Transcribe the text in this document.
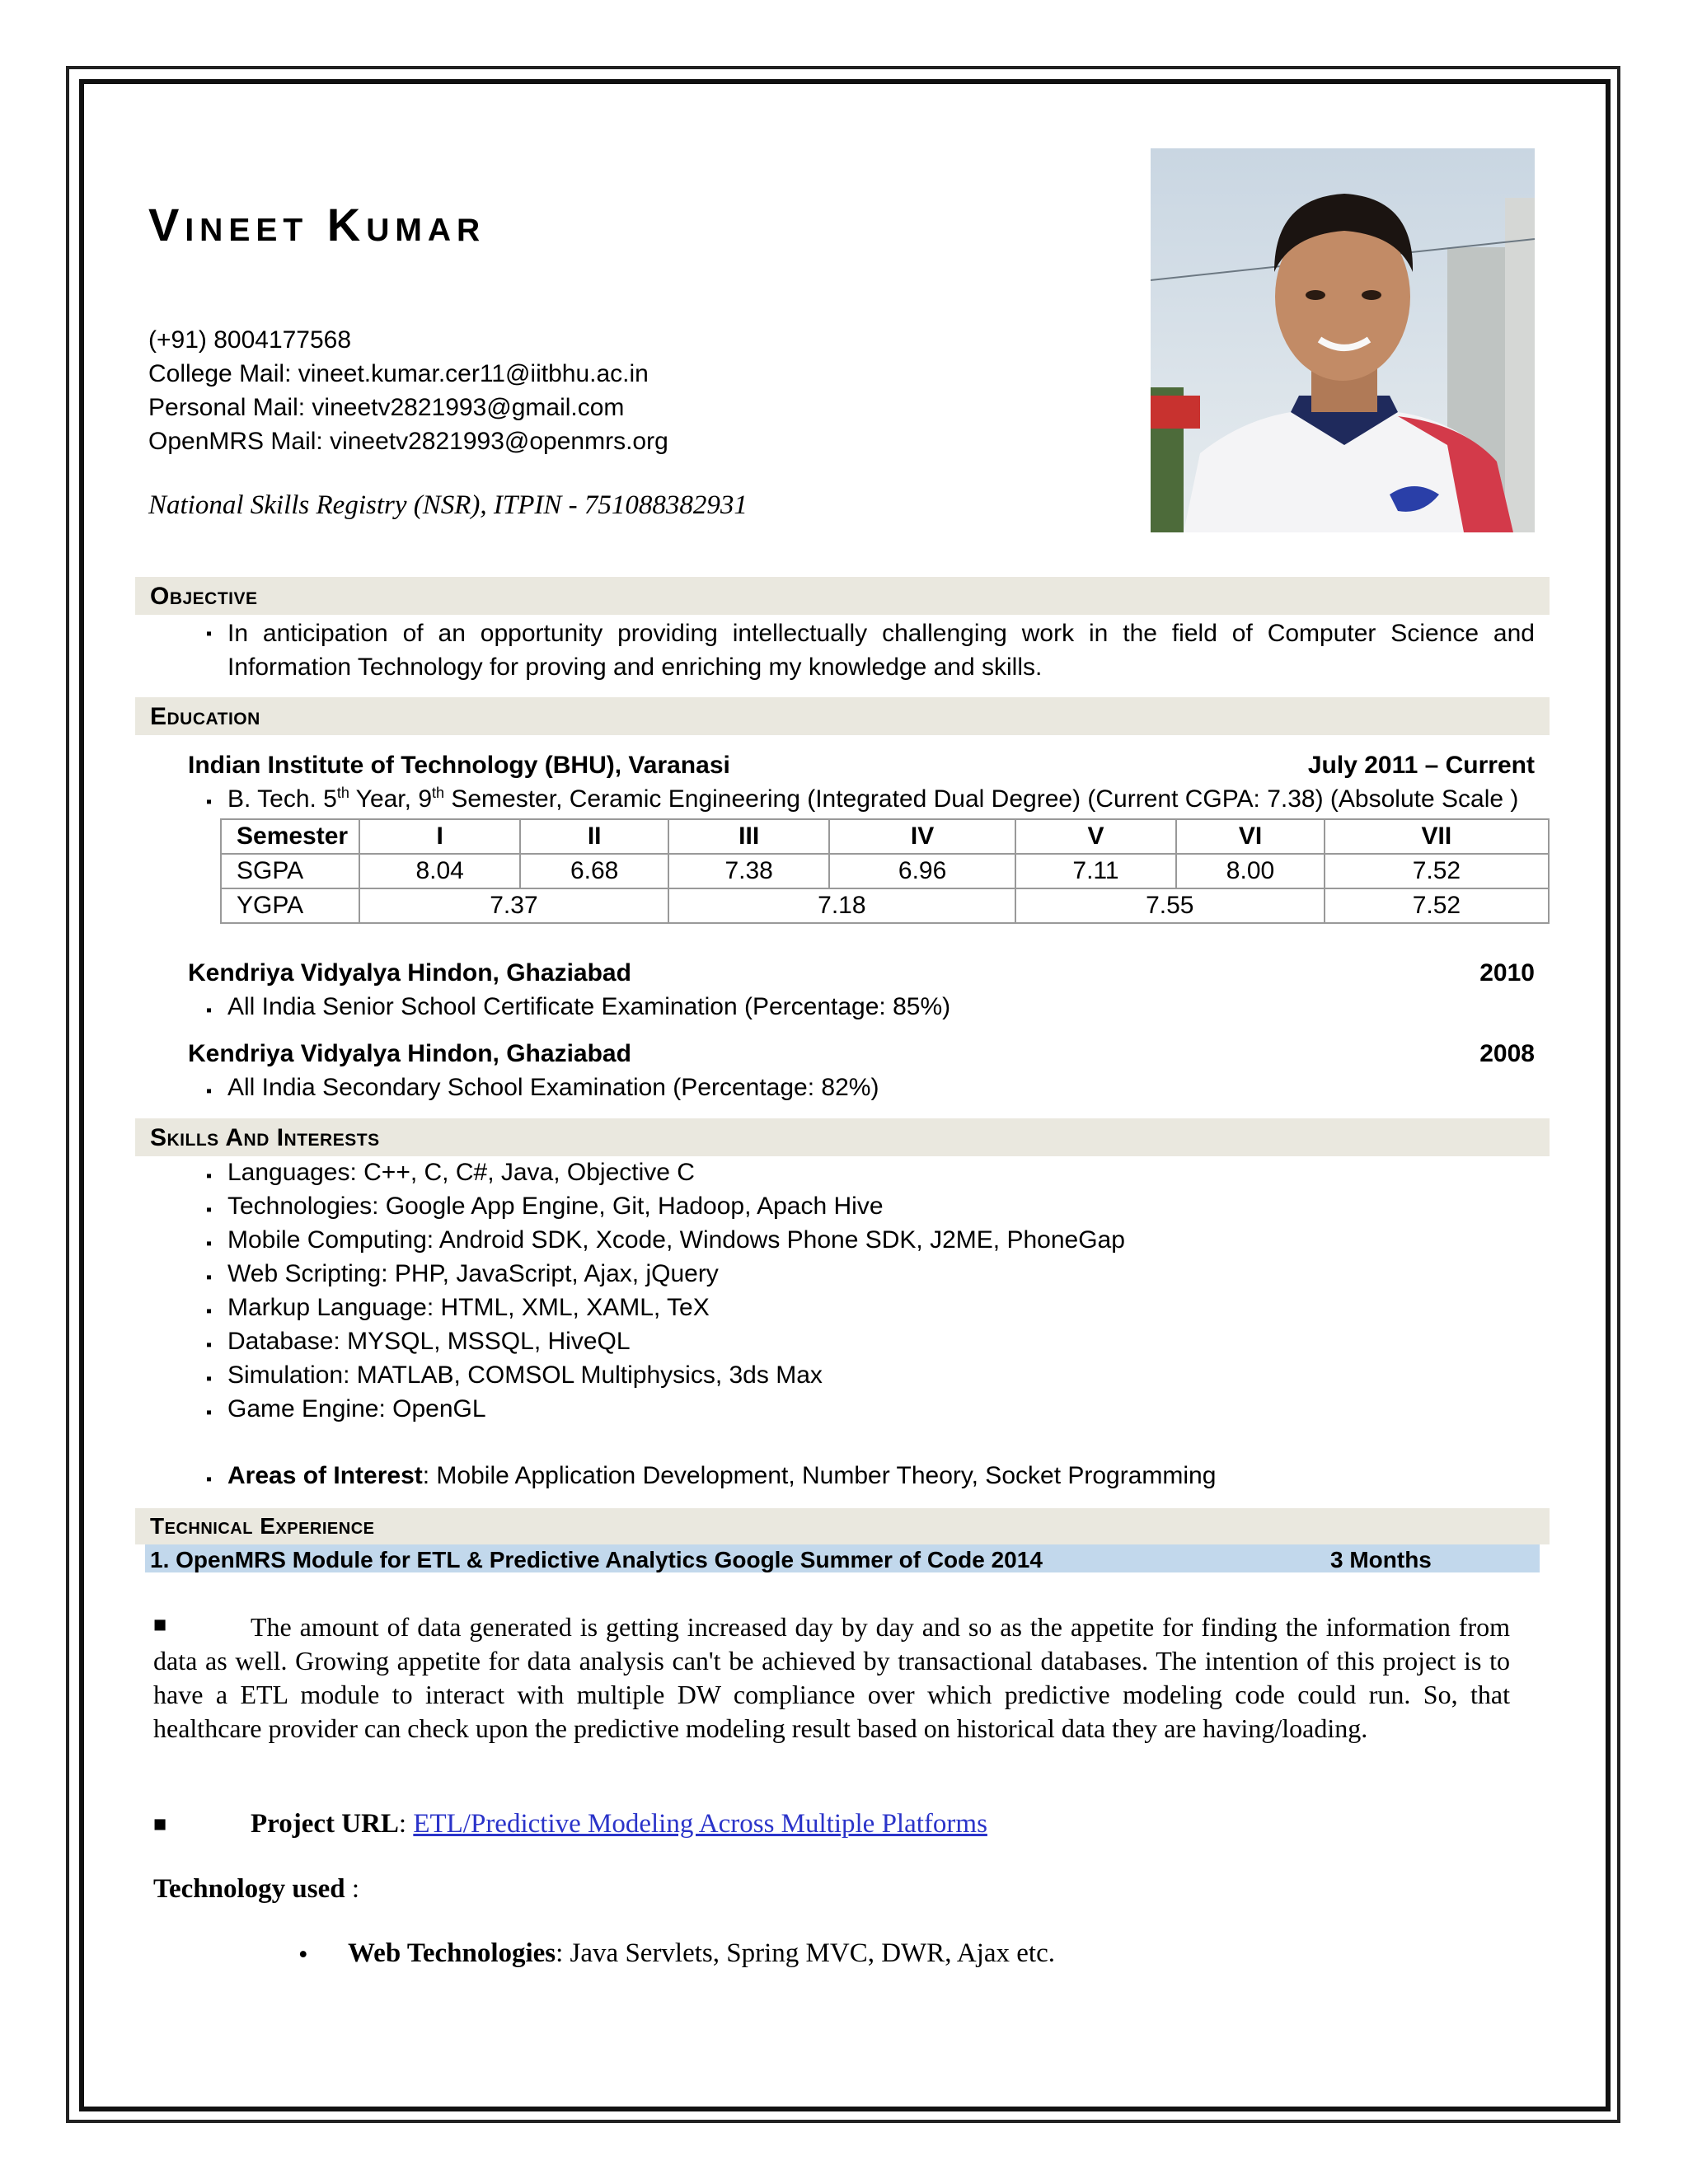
Vineet Kumar
(+91) 8004177568
College Mail: vineet.kumar.cer11@iitbhu.ac.in
Personal Mail: vineetv2821993@gmail.com
OpenMRS Mail: vineetv2821993@openmrs.org
National Skills Registry (NSR), ITPIN - 751088382931
Objective
▪ In anticipation of an opportunity providing intellectually challenging work in the field of Computer Science and Information Technology for proving and enriching my knowledge and skills.
Education
Indian Institute of Technology (BHU), Varanasi	July 2011 – Current
▪ B. Tech. 5th Year, 9th Semester, Ceramic Engineering (Integrated Dual Degree) (Current CGPA: 7.38) (Absolute Scale )
Semester	I	II	III	IV	V	VI	VII
SGPA	8.04	6.68	7.38	6.96	7.11	8.00	7.52
YGPA	7.37		7.18		7.55		7.52
Kendriya Vidyalya Hindon, Ghaziabad	2010
▪ All India Senior School Certificate Examination (Percentage: 85%)
Kendriya Vidyalya Hindon, Ghaziabad	2008
▪ All India Secondary School Examination (Percentage: 82%)
Skills And Interests
▪ Languages: C++, C, C#, Java, Objective C
▪ Technologies: Google App Engine, Git, Hadoop, Apach Hive
▪ Mobile Computing: Android SDK, Xcode, Windows Phone SDK, J2ME, PhoneGap
▪ Web Scripting: PHP, JavaScript, Ajax, jQuery
▪ Markup Language: HTML, XML, XAML, TeX
▪ Database: MYSQL, MSSQL, HiveQL
▪ Simulation: MATLAB, COMSOL Multiphysics, 3ds Max
▪ Game Engine: OpenGL
▪ Areas of Interest: Mobile Application Development, Number Theory, Socket Programming
Technical Experience
1. OpenMRS Module for ETL & Predictive Analytics Google Summer of Code 2014	3 Months
■	The amount of data generated is getting increased day by day and so as the appetite for finding the information from data as well. Growing appetite for data analysis can't be achieved by transactional databases. The intention of this project is to have a ETL module to interact with multiple DW compliance over which predictive modeling code could run. So, that healthcare provider can check upon the predictive modeling result based on historical data they are having/loading.
■	Project URL: ETL/Predictive Modeling Across Multiple Platforms
Technology used :
• Web Technologies: Java Servlets, Spring MVC, DWR, Ajax etc.
